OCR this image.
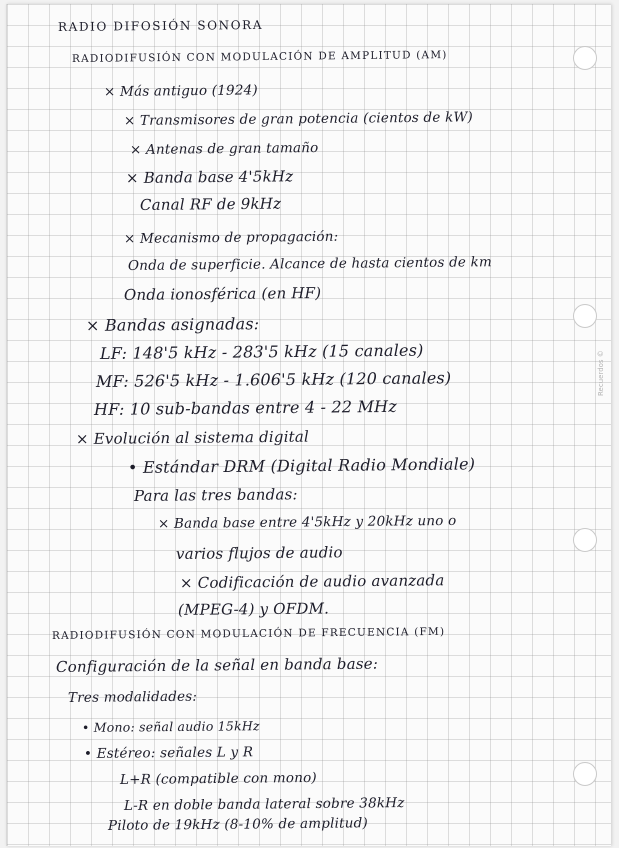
Recuerdos ©
RADIO DIFOSIÓN SONORA
RADIODIFUSIÓN CON MODULACIÓN DE AMPLITUD (AM)
× Más antiguo (1924)
× Transmisores de gran potencia (cientos de kW)
× Antenas de gran tamaño
× Banda base 4'5kHz
Canal RF de 9kHz
× Mecanismo de propagación:
Onda de superficie. Alcance de hasta cientos de km
Onda ionosférica (en HF)
× Bandas asignadas:
LF: 148'5 kHz - 283'5 kHz (15 canales)
MF: 526'5 kHz - 1.606'5 kHz (120 canales)
HF: 10 sub-bandas entre 4 - 22 MHz
× Evolución al sistema digital
• Estándar DRM (Digital Radio Mondiale)
Para las tres bandas:
× Banda base entre 4'5kHz y 20kHz uno o
varios flujos de audio
× Codificación de audio avanzada
(MPEG-4) y OFDM.
RADIODIFUSIÓN CON MODULACIÓN DE FRECUENCIA (FM)
Configuración de la señal en banda base:
Tres modalidades:
• Mono: señal audio 15kHz
• Estéreo: señales L y R
L+R (compatible con mono)
L-R en doble banda lateral sobre 38kHz
Piloto de 19kHz (8-10% de amplitud)
